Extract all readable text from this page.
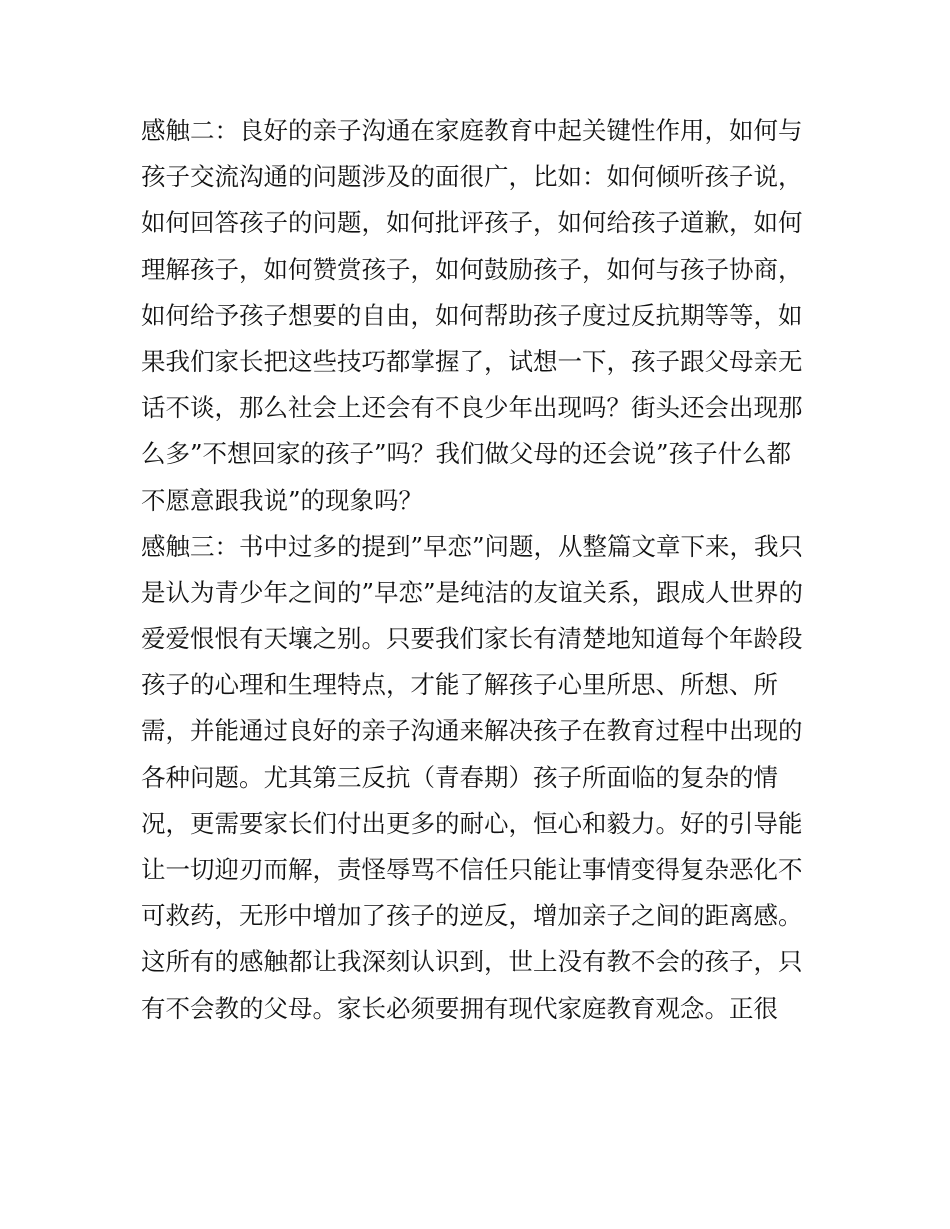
感触二：良好的亲子沟通在家庭教育中起关键性作用，如何与
孩子交流沟通的问题涉及的面很广，比如：如何倾听孩子说，
如何回答孩子的问题，如何批评孩子，如何给孩子道歉，如何
理解孩子，如何赞赏孩子，如何鼓励孩子，如何与孩子协商，
如何给予孩子想要的自由，如何帮助孩子度过反抗期等等，如
果我们家长把这些技巧都掌握了，试想一下，孩子跟父母亲无
话不谈，那么社会上还会有不良少年出现吗？街头还会出现那
么多”不想回家的孩子”吗？我们做父母的还会说”孩子什么都
不愿意跟我说”的现象吗？
感触三：书中过多的提到”早恋”问题，从整篇文章下来，我只
是认为青少年之间的”早恋”是纯洁的友谊关系，跟成人世界的
爱爱恨恨有天壤之别。只要我们家长有清楚地知道每个年龄段
孩子的心理和生理特点，才能了解孩子心里所思、所想、所
需，并能通过良好的亲子沟通来解决孩子在教育过程中出现的
各种问题。尤其第三反抗（青春期）孩子所面临的复杂的情
况，更需要家长们付出更多的耐心，恒心和毅力。好的引导能
让一切迎刃而解，责怪辱骂不信任只能让事情变得复杂恶化不
可救药，无形中增加了孩子的逆反，增加亲子之间的距离感。
这所有的感触都让我深刻认识到，世上没有教不会的孩子，只
有不会教的父母。家长必须要拥有现代家庭教育观念。正很
